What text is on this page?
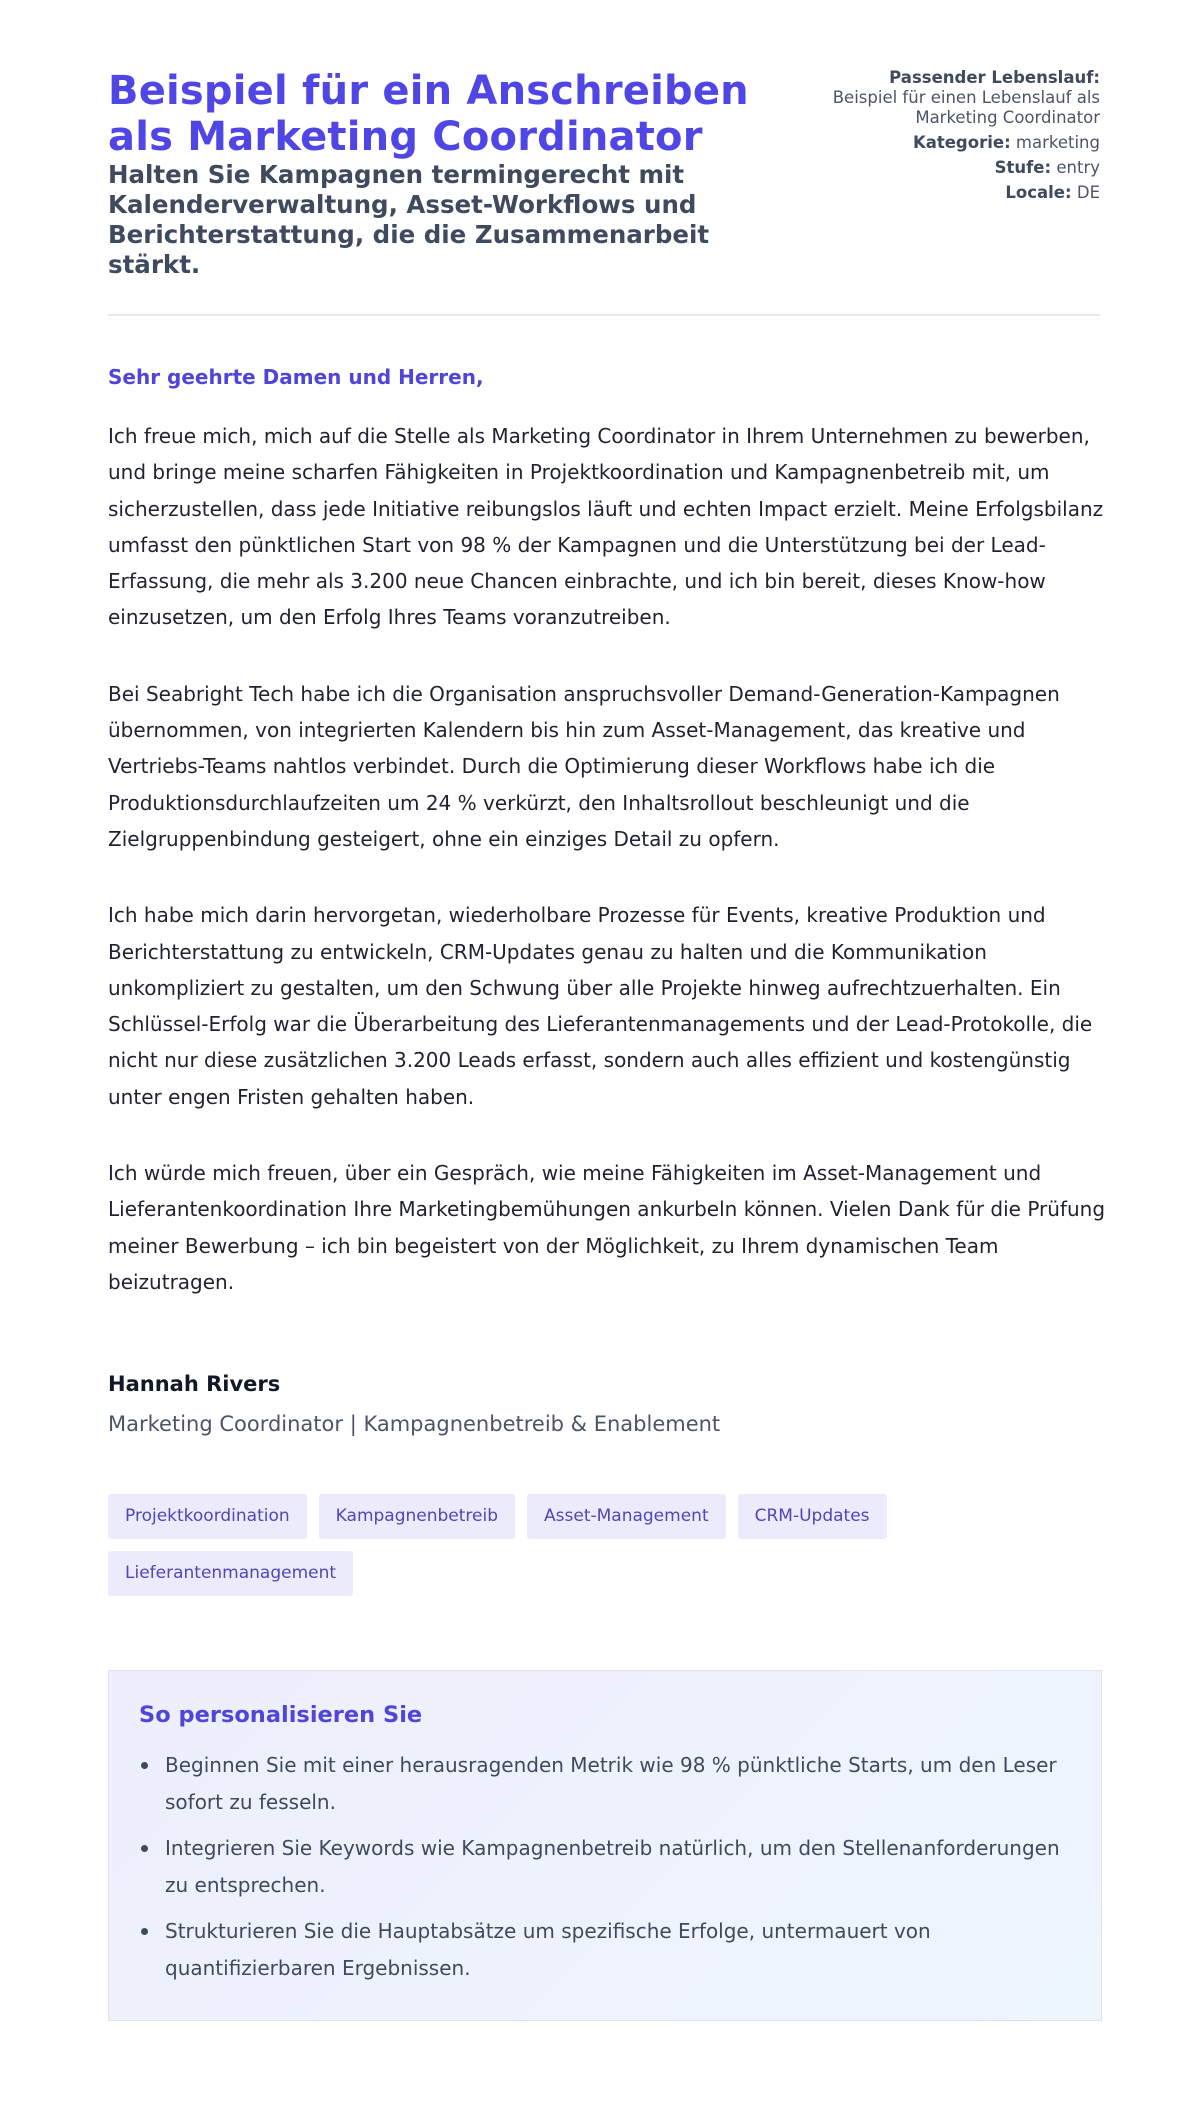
Beispiel für ein Anschreiben als Marketing Coordinator
Halten Sie Kampagnen termingerecht mit Kalenderverwaltung, Asset-Workflows und Berichterstattung, die die Zusammenarbeit stärkt.
Passender Lebenslauf:
Beispiel für einen Lebenslauf als Marketing Coordinator
Kategorie: marketing
Stufe: entry
Locale: DE

Sehr geehrte Damen und Herren,

Ich freue mich, mich auf die Stelle als Marketing Coordinator in Ihrem Unternehmen zu bewerben, und bringe meine scharfen Fähigkeiten in Projektkoordination und Kampagnenbetreib mit, um sicherzustellen, dass jede Initiative reibungslos läuft und echten Impact erzielt. Meine Erfolgsbilanz umfasst den pünktlichen Start von 98 % der Kampagnen und die Unterstützung bei der Lead-Erfassung, die mehr als 3.200 neue Chancen einbrachte, und ich bin bereit, dieses Know-how einzusetzen, um den Erfolg Ihres Teams voranzutreiben.

Bei Seabright Tech habe ich die Organisation anspruchsvoller Demand-Generation-Kampagnen übernommen, von integrierten Kalendern bis hin zum Asset-Management, das kreative und Vertriebs-Teams nahtlos verbindet. Durch die Optimierung dieser Workflows habe ich die Produktionsdurchlaufzeiten um 24 % verkürzt, den Inhaltsrollout beschleunigt und die Zielgruppenbindung gesteigert, ohne ein einziges Detail zu opfern.

Ich habe mich darin hervorgetan, wiederholbare Prozesse für Events, kreative Produktion und Berichterstattung zu entwickeln, CRM-Updates genau zu halten und die Kommunikation unkompliziert zu gestalten, um den Schwung über alle Projekte hinweg aufrechtzuerhalten. Ein Schlüssel-Erfolg war die Überarbeitung des Lieferantenmanagements und der Lead-Protokolle, die nicht nur diese zusätzlichen 3.200 Leads erfasst, sondern auch alles effizient und kostengünstig unter engen Fristen gehalten haben.

Ich würde mich freuen, über ein Gespräch, wie meine Fähigkeiten im Asset-Management und Lieferantenkoordination Ihre Marketingbemühungen ankurbeln können. Vielen Dank für die Prüfung meiner Bewerbung – ich bin begeistert von der Möglichkeit, zu Ihrem dynamischen Team beizutragen.

Hannah Rivers
Marketing Coordinator | Kampagnenbetreib & Enablement
Projektkoordination	Kampagnenbetreib	Asset-Management	CRM-Updates
Lieferantenmanagement
So personalisieren Sie
Beginnen Sie mit einer herausragenden Metrik wie 98 % pünktliche Starts, um den Leser sofort zu fesseln.
Integrieren Sie Keywords wie Kampagnenbetreib natürlich, um den Stellenanforderungen zu entsprechen.
Strukturieren Sie die Hauptabsätze um spezifische Erfolge, untermauert von quantifizierbaren Ergebnissen.
